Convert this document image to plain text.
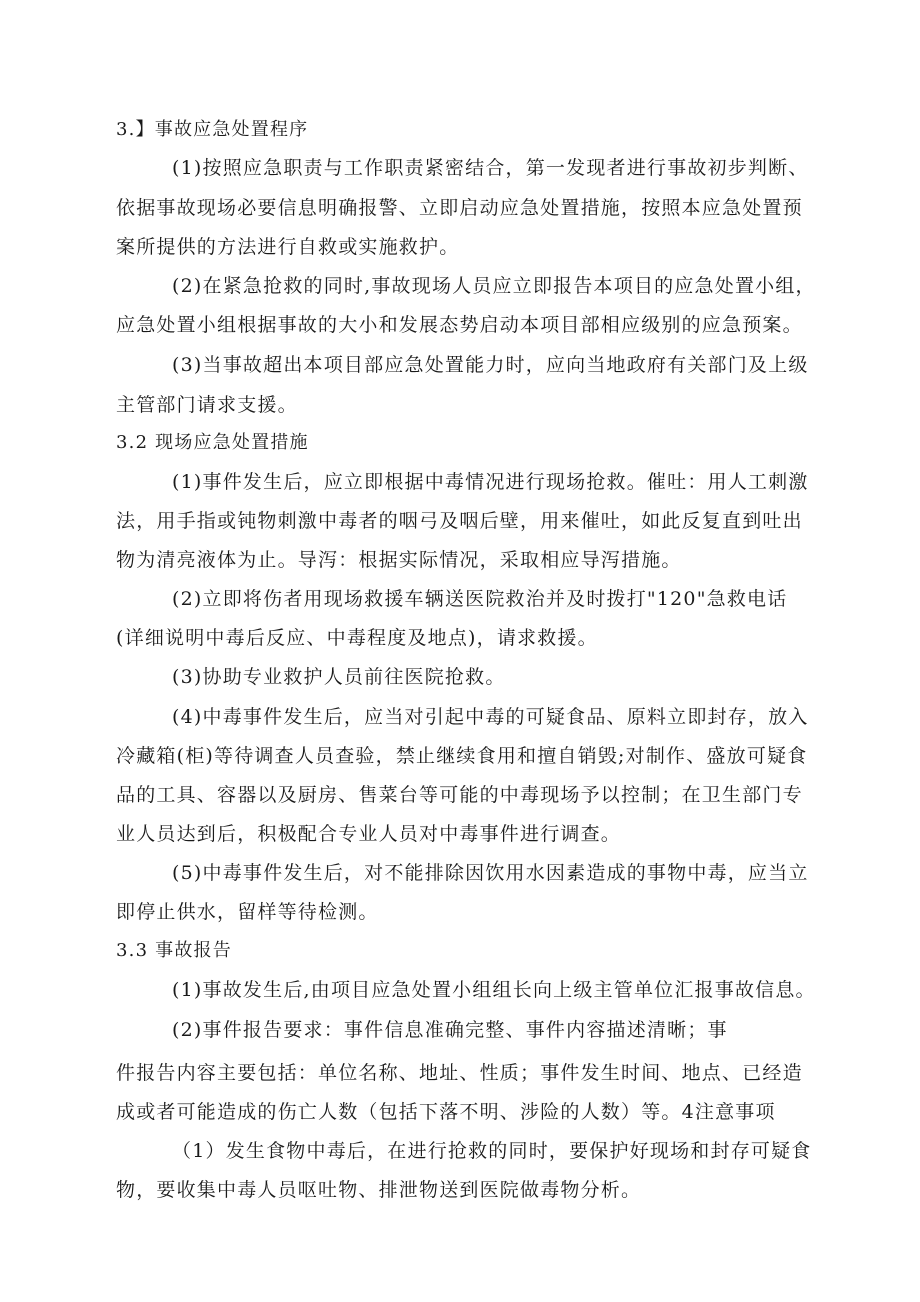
3.】事故应急处置程序
(1)按照应急职责与工作职责紧密结合，第一发现者进行事故初步判断、
依据事故现场必要信息明确报警、立即启动应急处置措施，按照本应急处置预
案所提供的方法进行自救或实施救护。
(2)在紧急抢救的同时,事故现场人员应立即报告本项目的应急处置小组，
应急处置小组根据事故的大小和发展态势启动本项目部相应级别的应急预案。
(3)当事故超出本项目部应急处置能力时，应向当地政府有关部门及上级
主管部门请求支援。
3.2 现场应急处置措施
(1)事件发生后，应立即根据中毒情况进行现场抢救。催吐：用人工刺激
法，用手指或钝物刺激中毒者的咽弓及咽后壁，用来催吐，如此反复直到吐出
物为清亮液体为止。导泻：根据实际情况，采取相应导泻措施。
(2)立即将伤者用现场救援车辆送医院救治并及时拨打"120"急救电话
(详细说明中毒后反应、中毒程度及地点)，请求救援。
(3)协助专业救护人员前往医院抢救。
(4)中毒事件发生后，应当对引起中毒的可疑食品、原料立即封存，放入
冷藏箱(柜)等待调查人员查验，禁止继续食用和擅自销毁;对制作、盛放可疑食
品的工具、容器以及厨房、售菜台等可能的中毒现场予以控制；在卫生部门专
业人员达到后，积极配合专业人员对中毒事件进行调查。
(5)中毒事件发生后，对不能排除因饮用水因素造成的事物中毒，应当立
即停止供水，留样等待检测。
3.3 事故报告
(1)事故发生后,由项目应急处置小组组长向上级主管单位汇报事故信息。
(2)事件报告要求：事件信息准确完整、事件内容描述清晰；事
件报告内容主要包括：单位名称、地址、性质；事件发生时间、地点、已经造
成或者可能造成的伤亡人数（包括下落不明、涉险的人数）等。4注意事项
（1）发生食物中毒后，在进行抢救的同时，要保护好现场和封存可疑食
物，要收集中毒人员呕吐物、排泄物送到医院做毒物分析。
